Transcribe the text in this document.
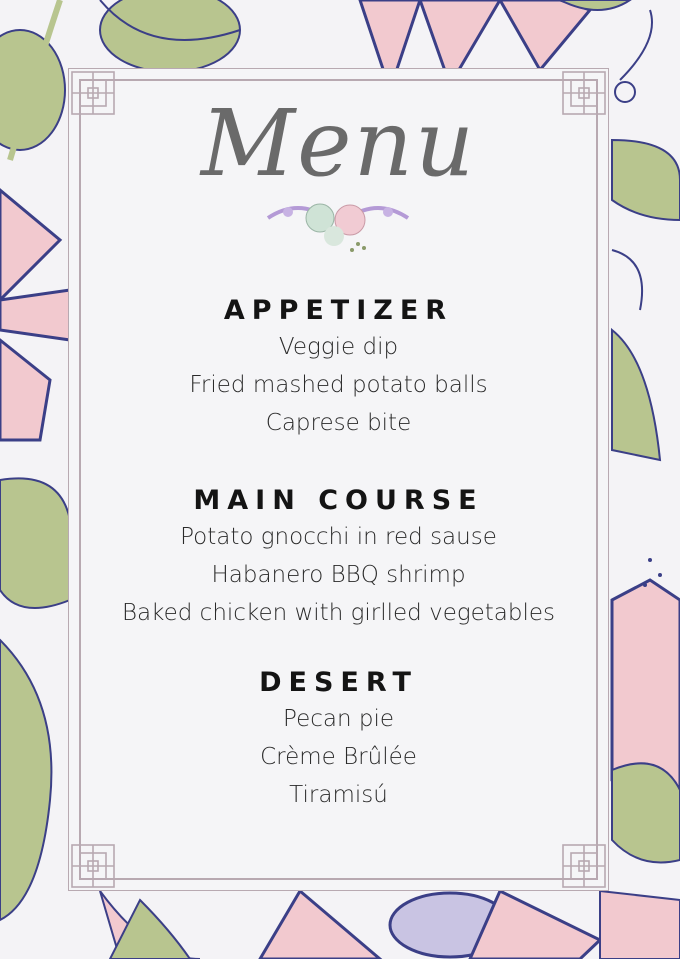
Menu

APPETIZER

Veggie dip

Fried mashed potato balls

Caprese bite

MAIN COURSE

Potato gnocchi in red sause

Habanero BBQ shrimp

Baked chicken with girlled vegetables

DESERT

Pecan pie

Crème Brûlée

Tiramisú
